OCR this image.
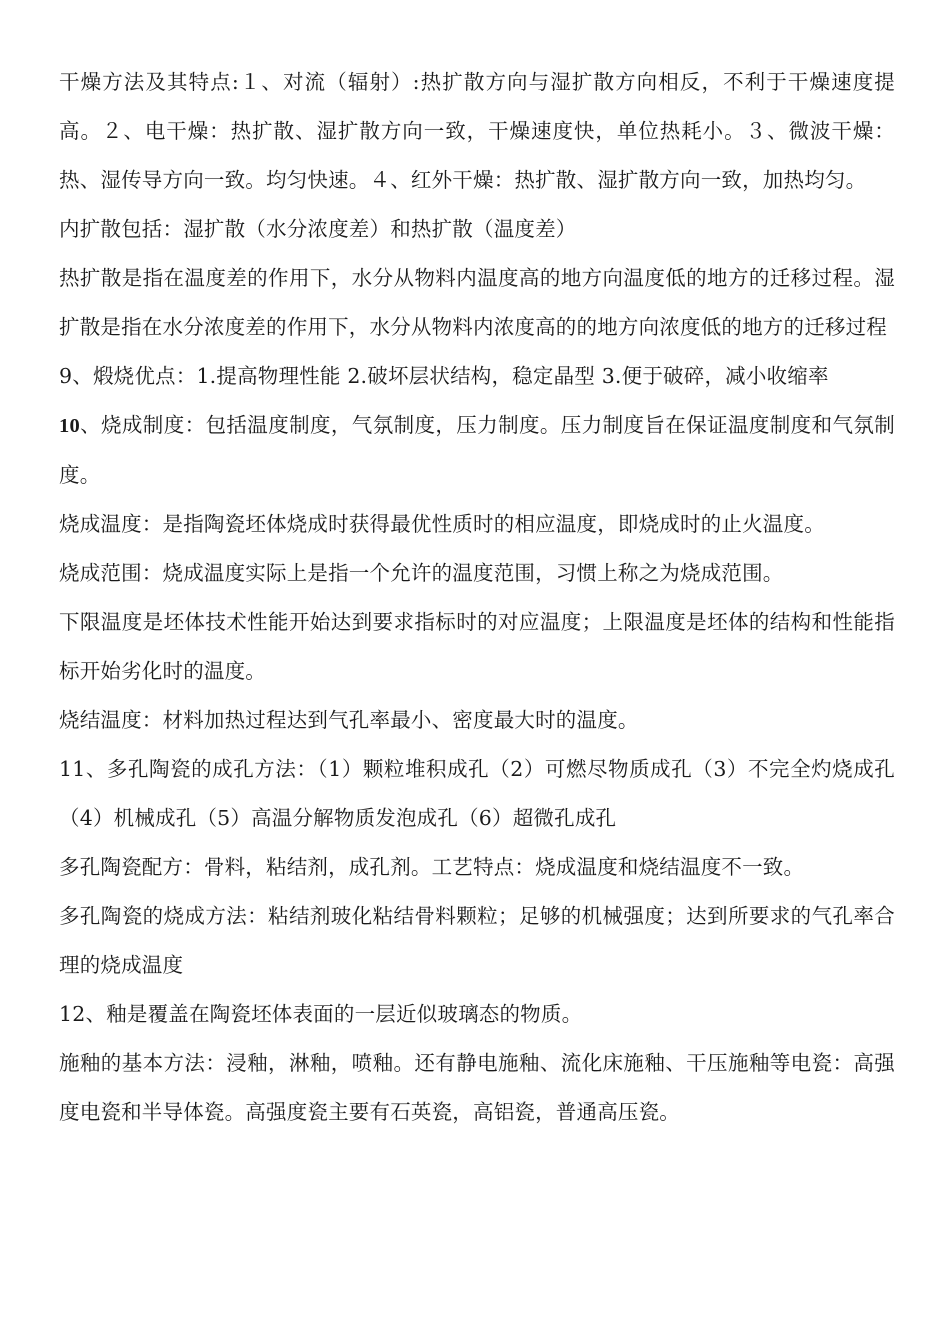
干燥方法及其特点:１、对流（辐射）:热扩散方向与湿扩散方向相反，不利于干燥速度提高。２、电干燥：热扩散、湿扩散方向一致，干燥速度快，单位热耗小。３、微波干燥：热、湿传导方向一致。均匀快速。４、红外干燥：热扩散、湿扩散方向一致，加热均匀。

内扩散包括：湿扩散（水分浓度差）和热扩散（温度差）

热扩散是指在温度差的作用下，水分从物料内温度高的地方向温度低的地方的迁移过程。湿扩散是指在水分浓度差的作用下，水分从物料内浓度高的的地方向浓度低的地方的迁移过程

9、煅烧优点：1.提高物理性能 2.破坏层状结构，稳定晶型 3.便于破碎，减小收缩率

10、烧成制度：包括温度制度，气氛制度，压力制度。压力制度旨在保证温度制度和气氛制度。

烧成温度：是指陶瓷坯体烧成时获得最优性质时的相应温度，即烧成时的止火温度。

烧成范围：烧成温度实际上是指一个允许的温度范围，习惯上称之为烧成范围。

下限温度是坯体技术性能开始达到要求指标时的对应温度；上限温度是坯体的结构和性能指标开始劣化时的温度。

烧结温度：材料加热过程达到气孔率最小、密度最大时的温度。

11、多孔陶瓷的成孔方法：（1）颗粒堆积成孔（2）可燃尽物质成孔（3）不完全灼烧成孔（4）机械成孔（5）高温分解物质发泡成孔（6）超微孔成孔

多孔陶瓷配方：骨料，粘结剂，成孔剂。工艺特点：烧成温度和烧结温度不一致。

多孔陶瓷的烧成方法：粘结剂玻化粘结骨料颗粒；足够的机械强度；达到所要求的气孔率合理的烧成温度

12、釉是覆盖在陶瓷坯体表面的一层近似玻璃态的物质。

施釉的基本方法：浸釉，淋釉，喷釉。还有静电施釉、流化床施釉、干压施釉等电瓷：高强度电瓷和半导体瓷。高强度瓷主要有石英瓷，高铝瓷，普通高压瓷。
